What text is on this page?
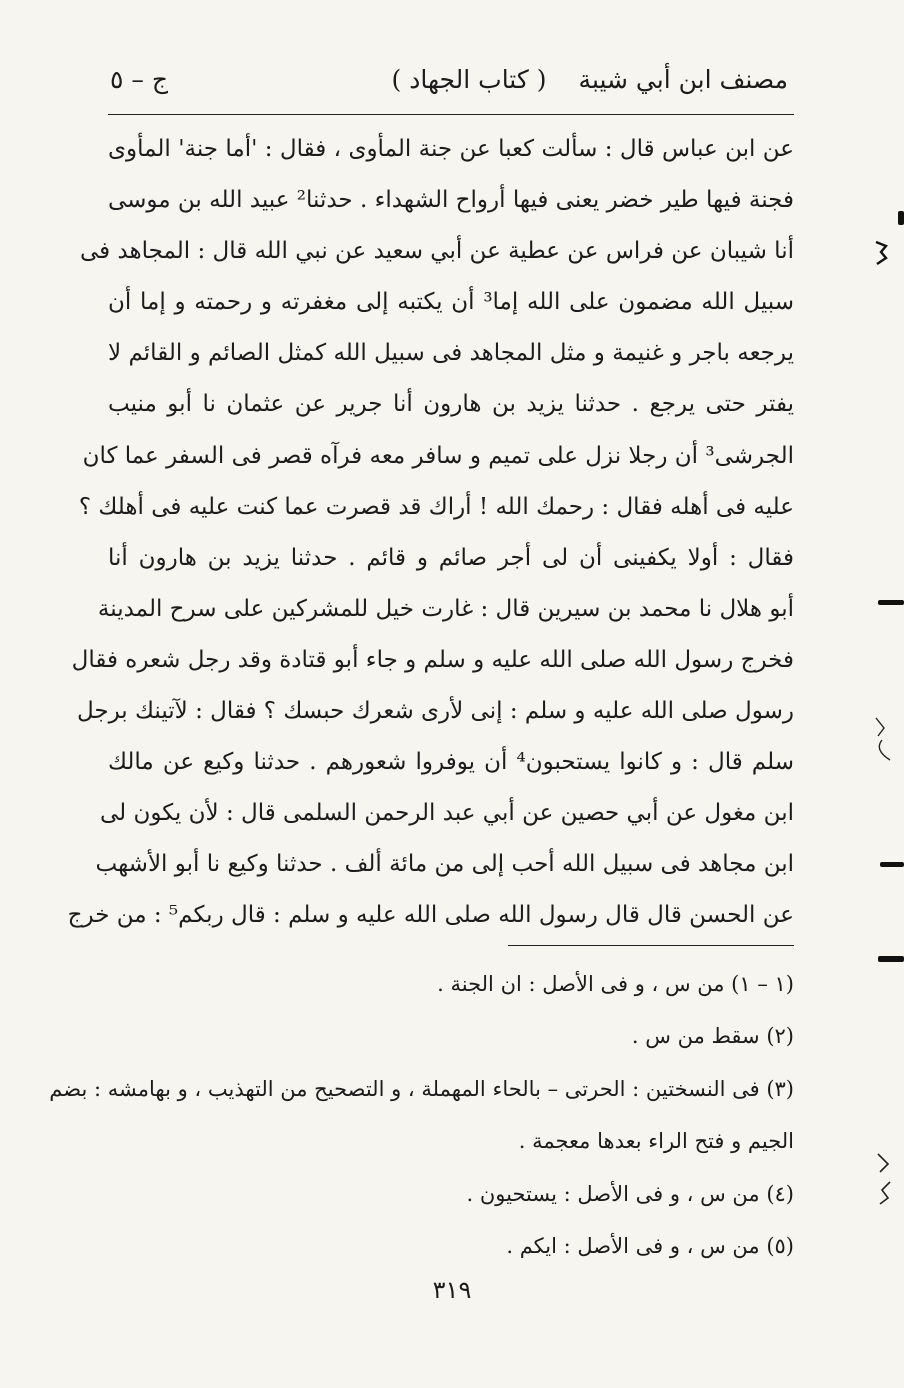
مصنف ابن أبي شيبة
( كتاب الجهاد )
ج – ٥
عن ابن عباس قال : سألت كعبا عن جنة المأوى ، فقال : 'أما جنة' المأوى
فجنة فيها طير خضر يعنى فيها أرواح الشهداء . حدثنا² عبيد الله بن موسى
أنا شيبان عن فراس عن عطية عن أبي سعيد عن نبي الله قال : المجاهد فى
سبيل الله مضمون على الله إما³ أن يكتبه إلى مغفرته و رحمته و إما أن
يرجعه باجر و غنيمة و مثل المجاهد فى سبيل الله كمثل الصائم و القائم لا
يفتر حتى يرجع . حدثنا يزيد بن هارون أنا جرير عن عثمان نا أبو منيب
الجرشى³ أن رجلا نزل على تميم و سافر معه فرآه قصر فى السفر عما كان
عليه فى أهله فقال : رحمك الله ! أراك قد قصرت عما كنت عليه فى أهلك ؟
فقال : أولا يكفينى أن لى أجر صائم و قائم . حدثنا يزيد بن هارون أنا
أبو هلال نا محمد بن سيرين قال : غارت خيل للمشركين على سرح المدينة
فخرج رسول الله صلى الله عليه و سلم و جاء أبو قتادة وقد رجل شعره فقال
رسول صلى الله عليه و سلم : إنى لأرى شعرك حبسك ؟ فقال : لآتينك برجل
سلم قال : و كانوا يستحبون⁴ أن يوفروا شعورهم . حدثنا وكيع عن مالك
ابن مغول عن أبي حصين عن أبي عبد الرحمن السلمى قال : لأن يكون لى
ابن مجاهد فى سبيل الله أحب إلى من مائة ألف . حدثنا وكيع نا أبو الأشهب
عن الحسن قال قال رسول الله صلى الله عليه و سلم : قال ربكم⁵ : من خرج
(١ – ١) من س ، و فى الأصل : ان الجنة .
(٢) سقط من س .
(٣) فى النسختين : الحرتى – بالحاء المهملة ، و التصحيح من التهذيب ، و بهامشه : بضم
الجيم و فتح الراء بعدها معجمة .
(٤) من س ، و فى الأصل : يستحيون .
(٥) من س ، و فى الأصل : ايكم .
٣١٩
